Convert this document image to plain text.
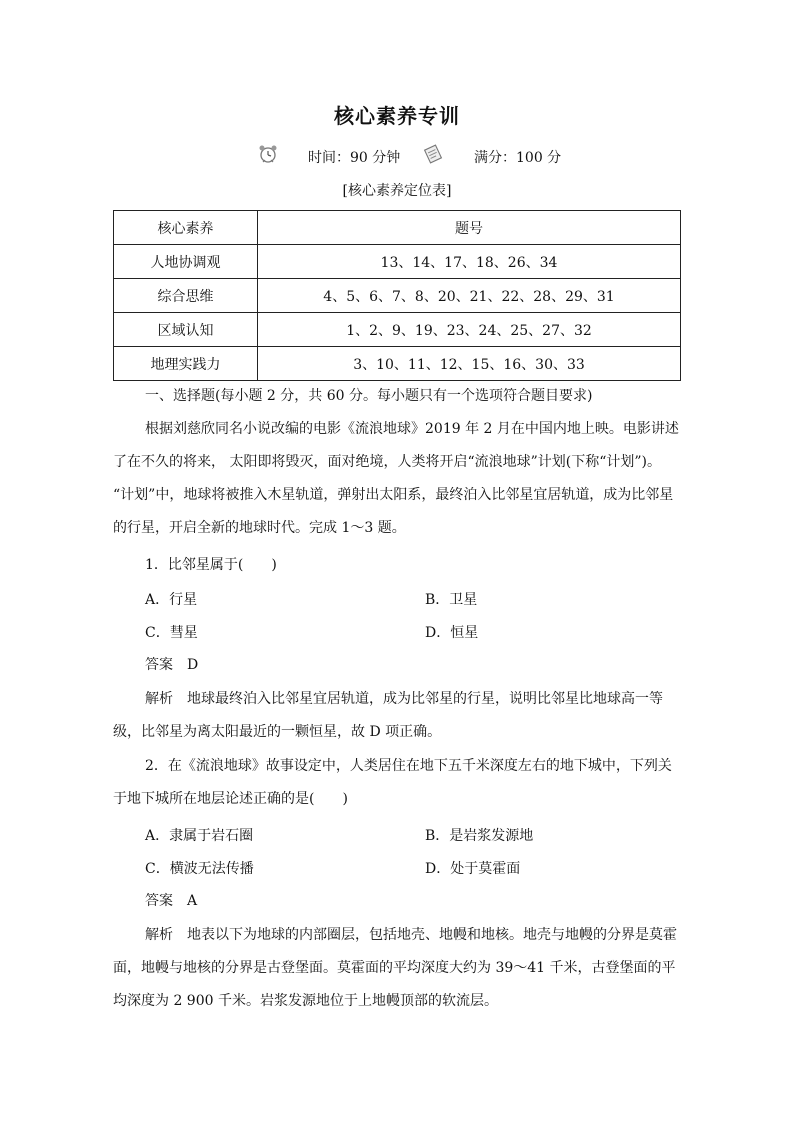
核心素养专训
时间：90 分钟	满分：100 分
[核心素养定位表]
核心素养	题号
人地协调观	13、14、17、18、26、34
综合思维	4、5、6、7、8、20、21、22、28、29、31
区域认知	1、2、9、19、23、24、25、27、32
地理实践力	3、10、11、12、15、16、30、33

一、选择题(每小题 2 分，共 60 分。每小题只有一个选项符合题目要求)

根据刘慈欣同名小说改编的电影《流浪地球》2019 年 2 月在中国内地上映。电影讲述了在不久的将来， 太阳即将毁灭，面对绝境，人类将开启“流浪地球”计划(下称“计划”)。 “计划”中，地球将被推入木星轨道，弹射出太阳系，最终泊入比邻星宜居轨道，成为比邻星的行星，开启全新的地球时代。完成 1～3 题。

1．比邻星属于(　　)

A．行星	B．卫星
C．彗星	D．恒星

答案 D

解析 地球最终泊入比邻星宜居轨道，成为比邻星的行星，说明比邻星比地球高一等级，比邻星为离太阳最近的一颗恒星，故 D 项正确。

2．在《流浪地球》故事设定中，人类居住在地下五千米深度左右的地下城中，下列关于地下城所在地层论述正确的是(　　)

A．隶属于岩石圈	B．是岩浆发源地
C．横波无法传播	D．处于莫霍面

答案 A

解析 地表以下为地球的内部圈层，包括地壳、地幔和地核。地壳与地幔的分界是莫霍面，地幔与地核的分界是古登堡面。莫霍面的平均深度大约为 39～41 千米，古登堡面的平均深度为 2 900 千米。岩浆发源地位于上地幔顶部的软流层。
